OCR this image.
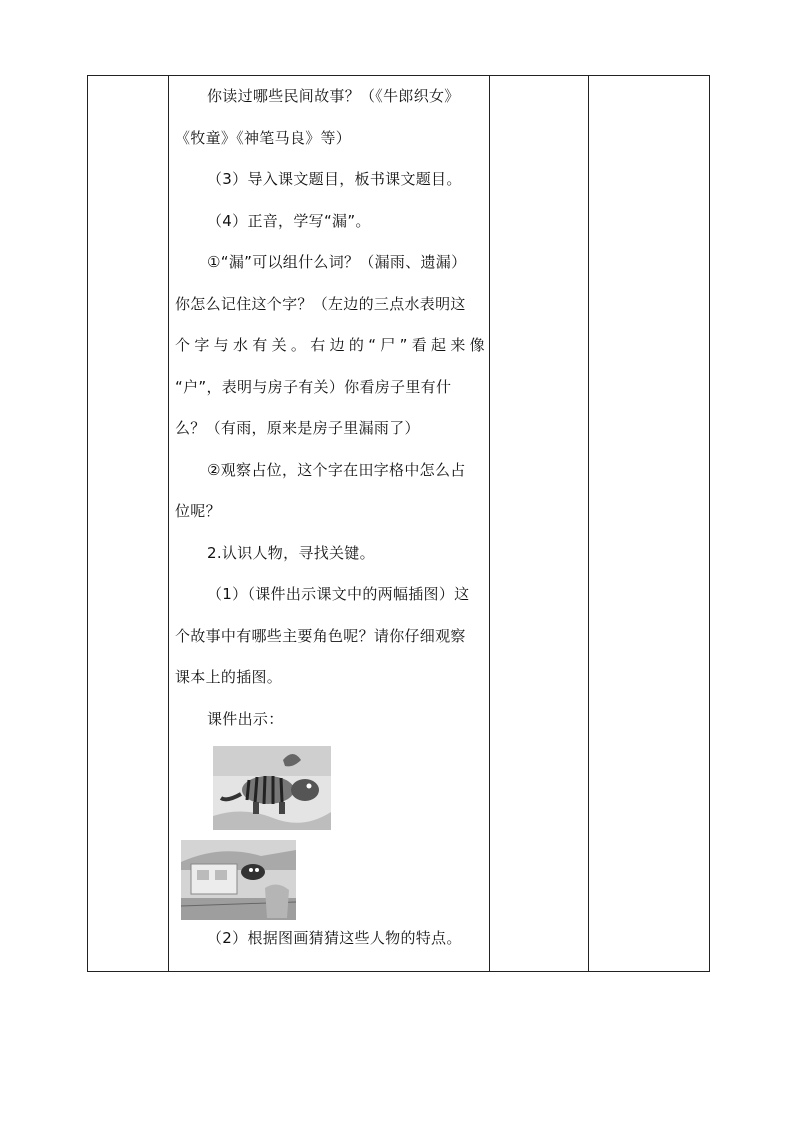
你读过哪些民间故事？（《牛郎织女》
《牧童》《神笔马良》等）
（3）导入课文题目，板书课文题目。
（4）正音，学写“漏”。
①“漏”可以组什么词？（漏雨、遗漏）
你怎么记住这个字？（左边的三点水表明这
个字与水有关。右边的“尸”看起来像
“户”，表明与房子有关）你看房子里有什
么？（有雨，原来是房子里漏雨了）
②观察占位，这个字在田字格中怎么占
位呢？
2.认识人物，寻找关键。
（1）（课件出示课文中的两幅插图）这
个故事中有哪些主要角色呢？请你仔细观察
课本上的插图。
课件出示：
（2）根据图画猜猜这些人物的特点。
